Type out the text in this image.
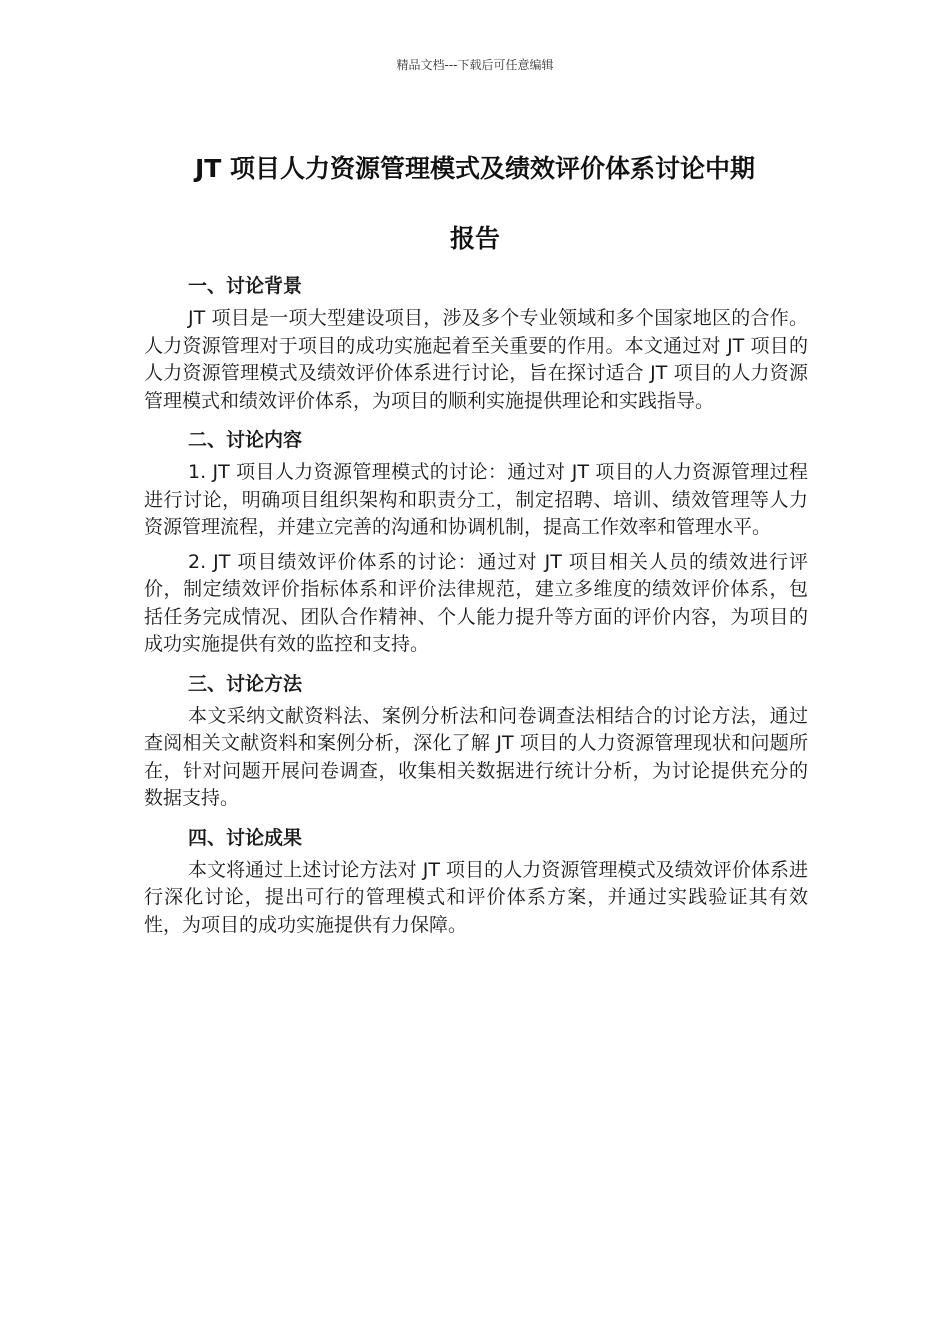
精品文档---下载后可任意编辑
JT 项目人力资源管理模式及绩效评价体系讨论中期
报告
一、讨论背景

JT 项目是一项大型建设项目，涉及多个专业领域和多个国家地区的合作。人力资源管理对于项目的成功实施起着至关重要的作用。本文通过对 JT 项目的人力资源管理模式及绩效评价体系进行讨论，旨在探讨适合 JT 项目的人力资源管理模式和绩效评价体系，为项目的顺利实施提供理论和实践指导。

二、讨论内容

1. JT 项目人力资源管理模式的讨论：通过对 JT 项目的人力资源管理过程进行讨论，明确项目组织架构和职责分工，制定招聘、培训、绩效管理等人力资源管理流程，并建立完善的沟通和协调机制，提高工作效率和管理水平。

2. JT 项目绩效评价体系的讨论：通过对 JT 项目相关人员的绩效进行评价，制定绩效评价指标体系和评价法律规范，建立多维度的绩效评价体系，包括任务完成情况、团队合作精神、个人能力提升等方面的评价内容，为项目的成功实施提供有效的监控和支持。

三、讨论方法

本文采纳文献资料法、案例分析法和问卷调查法相结合的讨论方法，通过查阅相关文献资料和案例分析，深化了解 JT 项目的人力资源管理现状和问题所在，针对问题开展问卷调查，收集相关数据进行统计分析，为讨论提供充分的数据支持。

四、讨论成果

本文将通过上述讨论方法对 JT 项目的人力资源管理模式及绩效评价体系进行深化讨论，提出可行的管理模式和评价体系方案，并通过实践验证其有效性，为项目的成功实施提供有力保障。
